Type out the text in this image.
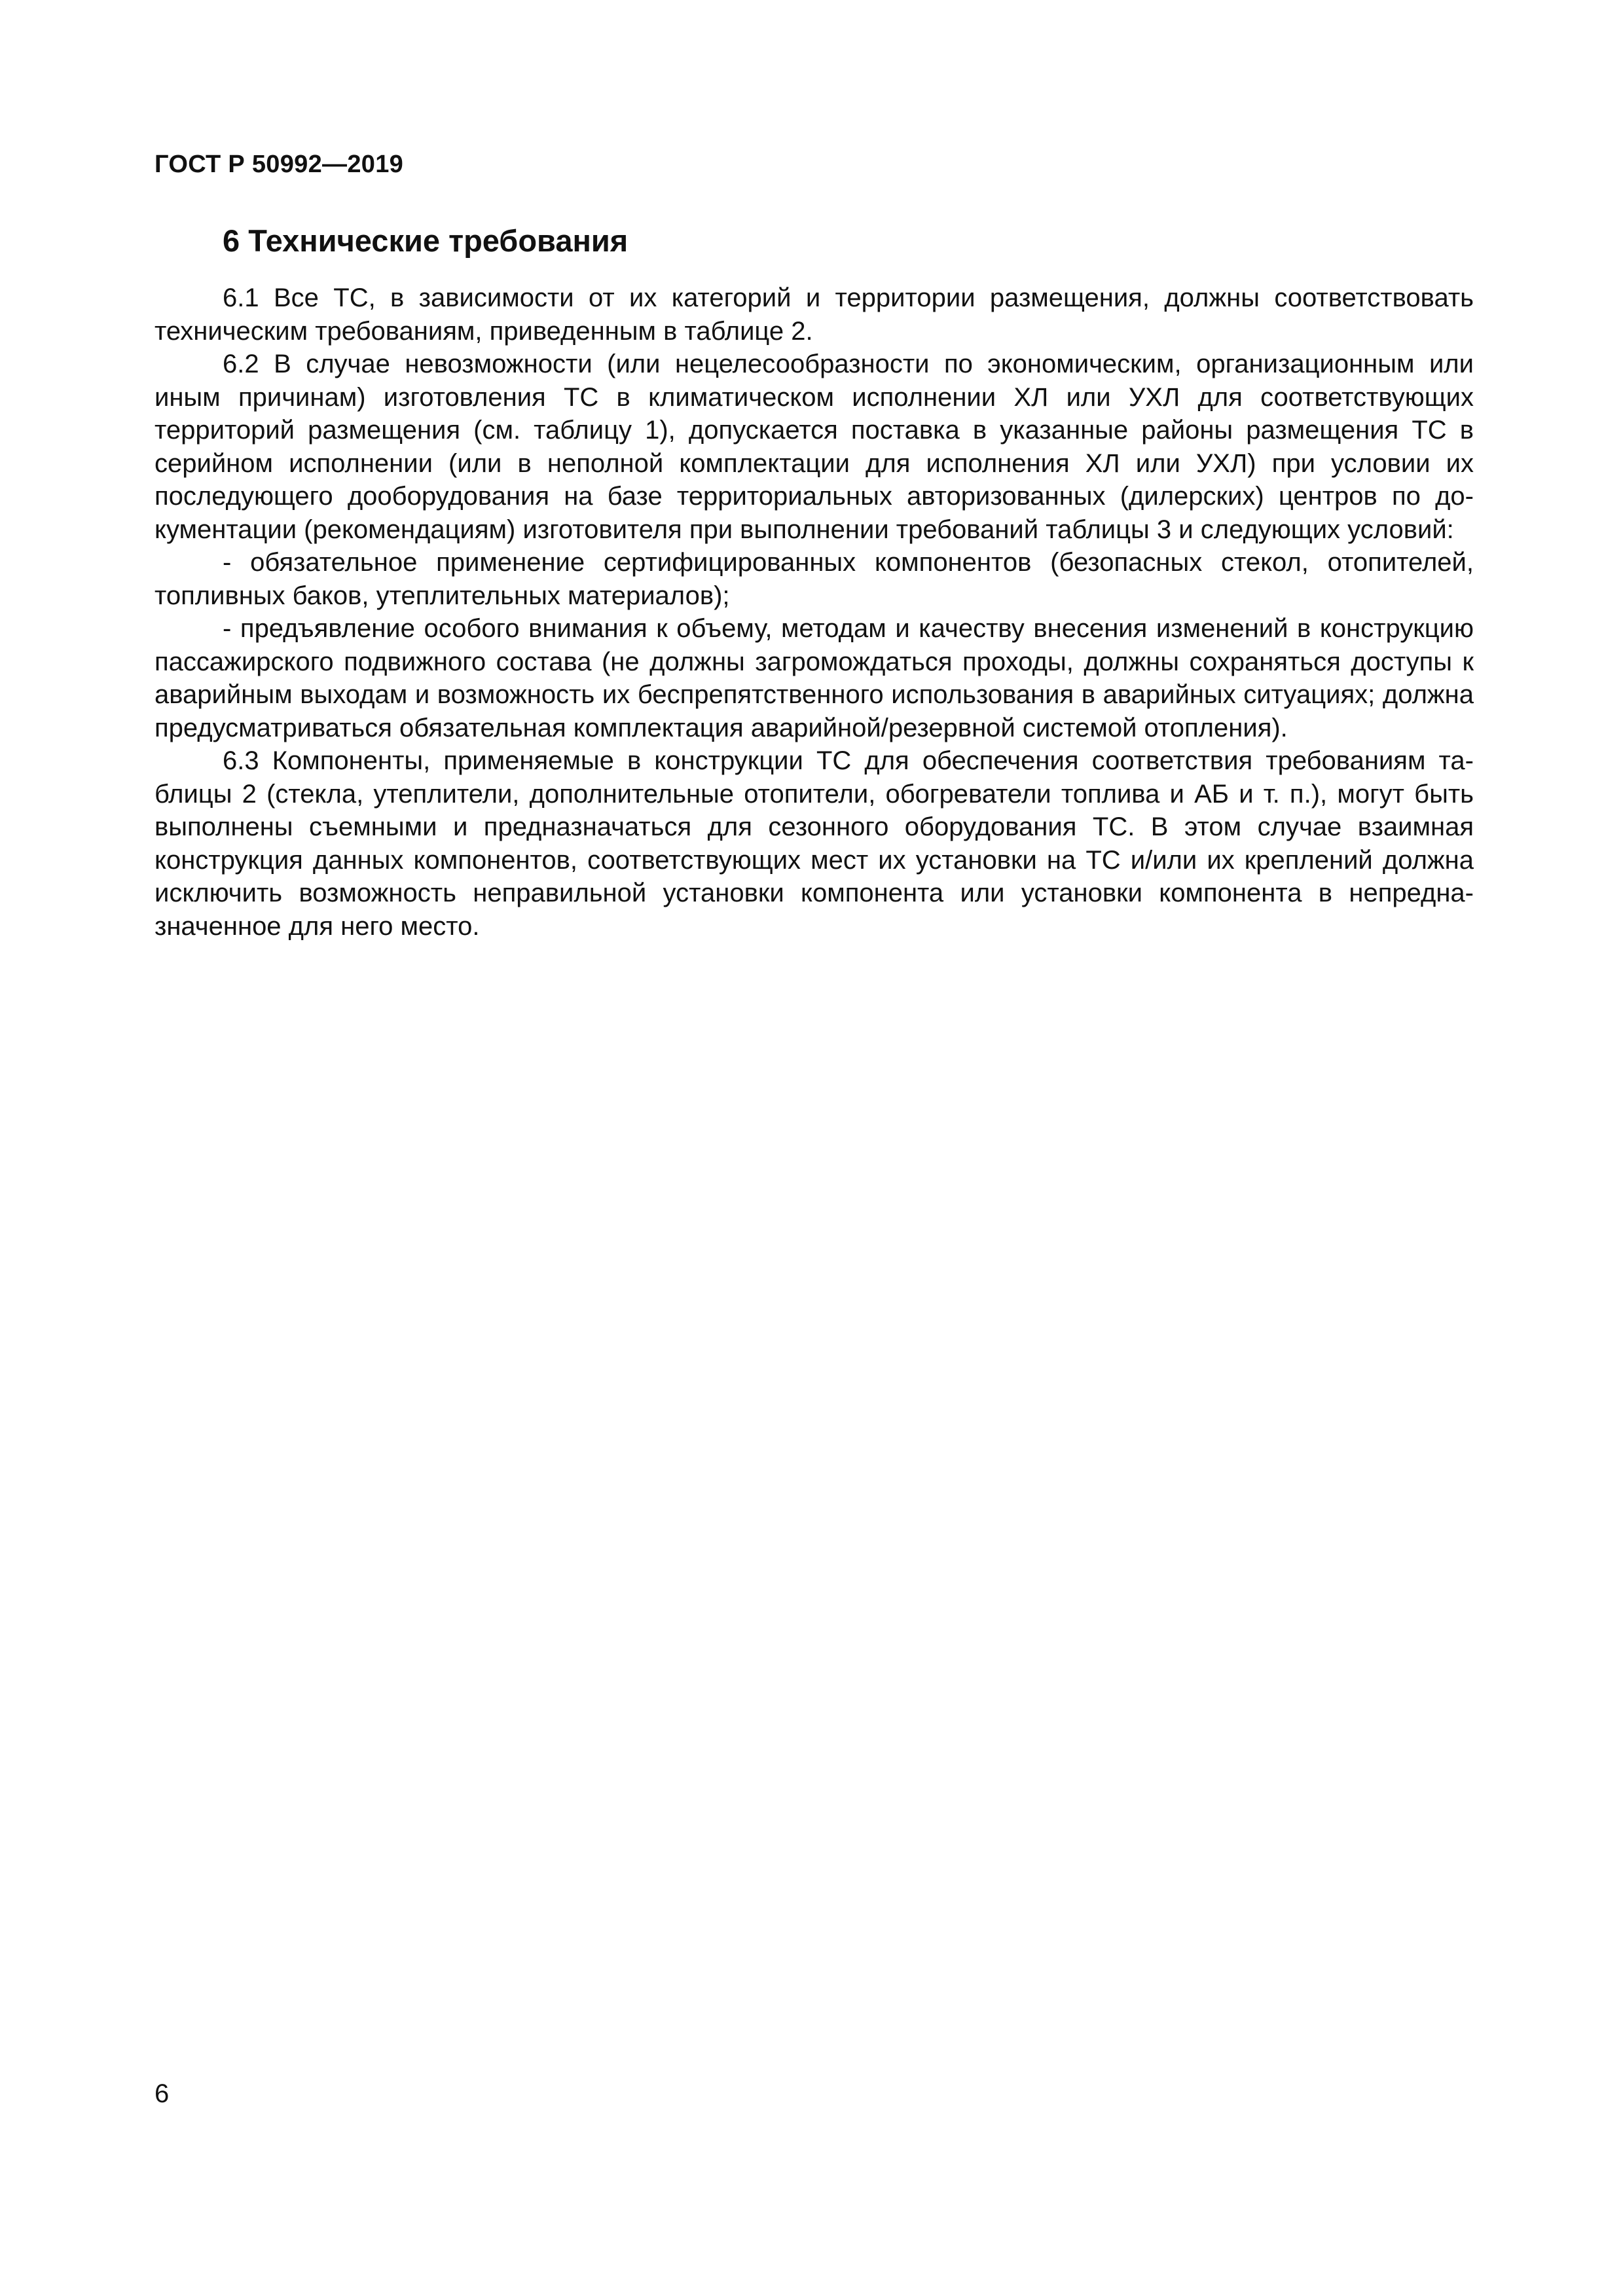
ГОСТ Р 50992—2019

6 Технические требования

6.1 Все ТС, в зависимости от их категорий и территории размещения, должны соответствовать техническим требованиям, приведенным в таблице 2.

6.2 В случае невозможности (или нецелесообразности по экономическим, организационным или иным причинам) изготовления ТС в климатическом исполнении ХЛ или УХЛ для соответствующих территорий размещения (см. таблицу 1), допускается поставка в указанные районы размещения ТС в серийном исполнении (или в неполной комплектации для исполнения ХЛ или УХЛ) при условии их последующего дооборудования на базе территориальных авторизованных (дилерских) центров по документации (рекомендациям) изготовителя при выполнении требований таблицы 3 и следующих условий:

- обязательное применение сертифицированных компонентов (безопасных стекол, отопителей, топливных баков, утеплительных материалов);

- предъявление особого внимания к объему, методам и качеству внесения изменений в конструкцию пассажирского подвижного состава (не должны загромождаться проходы, должны сохраняться доступы к аварийным выходам и возможность их беспрепятственного использования в аварийных ситуациях; должна предусматриваться обязательная комплектация аварийной/резервной системой отопления).

6.3 Компоненты, применяемые в конструкции ТС для обеспечения соответствия требованиям таблицы 2 (стекла, утеплители, дополнительные отопители, обогреватели топлива и АБ и т. п.), могут быть выполнены съемными и предназначаться для сезонного оборудования ТС. В этом случае взаимная конструкция данных компонентов, соответствующих мест их установки на ТС и/или их креплений должна исключить возможность неправильной установки компонента или установки компонента в непредназначенное для него место.

6
